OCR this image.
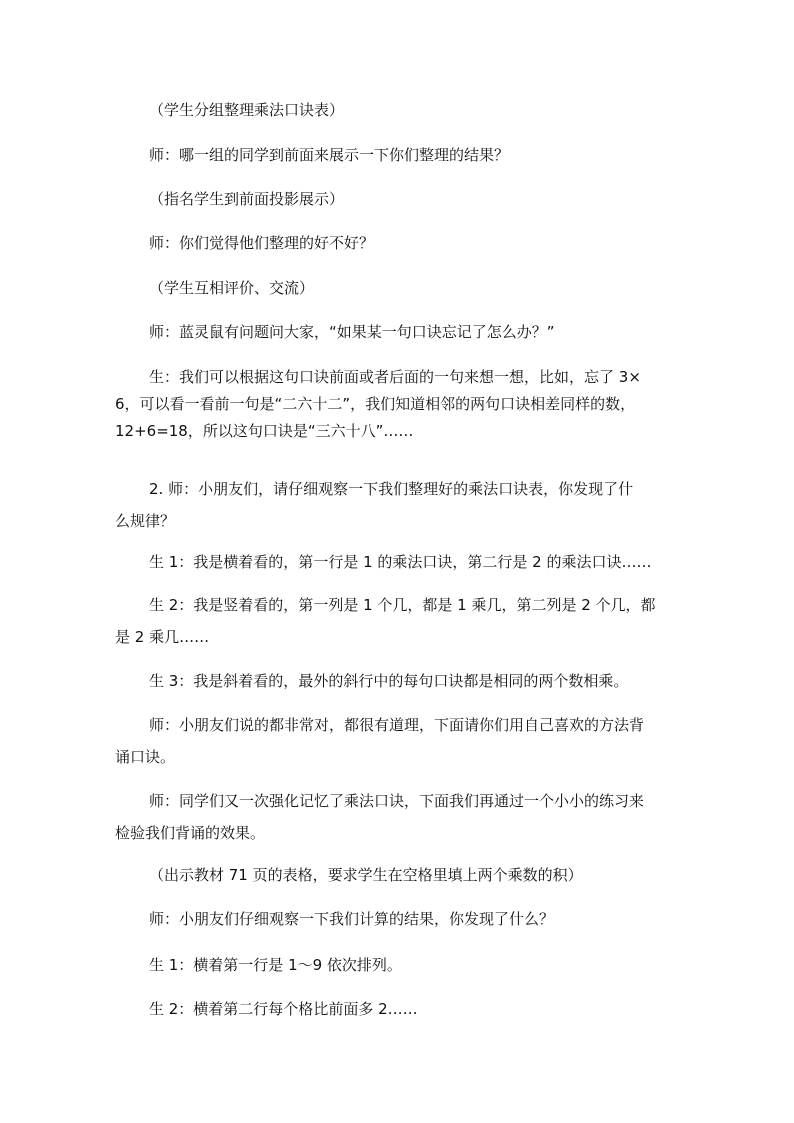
（学生分组整理乘法口诀表）
师：哪一组的同学到前面来展示一下你们整理的结果？
（指名学生到前面投影展示）
师：你们觉得他们整理的好不好？
（学生互相评价、交流）
师：蓝灵鼠有问题问大家，“如果某一句口诀忘记了怎么办？”
生：我们可以根据这句口诀前面或者后面的一句来想一想，比如，忘了 3×
6，可以看一看前一句是“二六十二”，我们知道相邻的两句口诀相差同样的数，
12+6=18，所以这句口诀是“三六十八”……
2. 师：小朋友们，请仔细观察一下我们整理好的乘法口诀表，你发现了什
么规律？
生 1：我是横着看的，第一行是 1 的乘法口诀，第二行是 2 的乘法口诀……
生 2：我是竖着看的，第一列是 1 个几，都是 1 乘几，第二列是 2 个几，都
是 2 乘几……
生 3：我是斜着看的，最外的斜行中的每句口诀都是相同的两个数相乘。
师：小朋友们说的都非常对，都很有道理，下面请你们用自己喜欢的方法背
诵口诀。
师：同学们又一次强化记忆了乘法口诀，下面我们再通过一个小小的练习来
检验我们背诵的效果。
（出示教材 71 页的表格，要求学生在空格里填上两个乘数的积）
师：小朋友们仔细观察一下我们计算的结果，你发现了什么？
生 1：横着第一行是 1～9 依次排列。
生 2：横着第二行每个格比前面多 2……
